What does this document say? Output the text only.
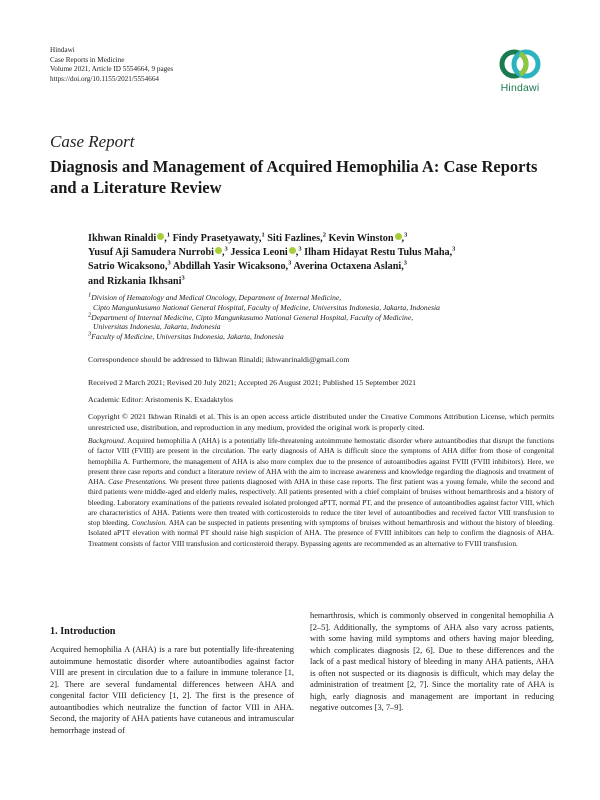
Hindawi
Case Reports in Medicine
Volume 2021, Article ID 5554664, 9 pages
https://doi.org/10.1155/2021/5554664
Hindawi
Case Report
Diagnosis and Management of Acquired Hemophilia A: Case Reports and a Literature Review
Ikhwan Rinaldi ,$^1$ Findy Prasetyawaty,$^1$ Siti Fazlines,$^2$ Kevin Winston ,$^3$
Yusuf Aji Samudera Nurrobi ,$^3$ Jessica Leoni ,$^3$ Ilham Hidayat Restu Tulus Maha,$^3$
Satrio Wicaksono,$^3$ Abdillah Yasir Wicaksono,$^3$ Averina Octaxena Aslani,$^3$
and Rizkania Ikhsani$^3$
$^1$Division of Hematology and Medical Oncology, Department of Internal Medicine,
Cipto Mangunkusumo National General Hospital, Faculty of Medicine, Universitas Indonesia, Jakarta, Indonesia
$^2$Department of Internal Medicine, Cipto Mangunkusumo National General Hospital, Faculty of Medicine,
Universitas Indonesia, Jakarta, Indonesia
$^3$Faculty of Medicine, Universitas Indonesia, Jakarta, Indonesia
Correspondence should be addressed to Ikhwan Rinaldi; ikhwanrinaldi@gmail.com
Received 2 March 2021; Revised 20 July 2021; Accepted 26 August 2021; Published 15 September 2021
Academic Editor: Aristomenis K. Exadaktylos
Copyright © 2021 Ikhwan Rinaldi et al. This is an open access article distributed under the Creative Commons Attribution License, which permits unrestricted use, distribution, and reproduction in any medium, provided the original work is properly cited.
Background. Acquired hemophilia A (AHA) is a potentially life-threatening autoimmune hemostatic disorder where autoantibodies that disrupt the functions of factor VIII (FVIII) are present in the circulation. The early diagnosis of AHA is difficult since the symptoms of AHA differ from those of congenital hemophilia A. Furthermore, the management of AHA is also more complex due to the presence of autoantibodies against FVIII (FVIII inhibitors). Here, we present three case reports and conduct a literature review of AHA with the aim to increase awareness and knowledge regarding the diagnosis and treatment of AHA. Case Presentations. We present three patients diagnosed with AHA in these case reports. The first patient was a young female, while the second and third patients were middle-aged and elderly males, respectively. All patients presented with a chief complaint of bruises without hemarthrosis and a history of bleeding. Laboratory examinations of the patients revealed isolated prolonged aPTT, normal PT, and the presence of autoantibodies against factor VIII, which are characteristics of AHA. Patients were then treated with corticosteroids to reduce the titer level of autoantibodies and received factor VIII transfusion to stop bleeding. Conclusion. AHA can be suspected in patients presenting with symptoms of bruises without hemarthrosis and without the history of bleeding. Isolated aPTT elevation with normal PT should raise high suspicion of AHA. The presence of FVIII inhibitors can help to confirm the diagnosis of AHA. Treatment consists of factor VIII transfusion and corticosteroid therapy. Bypassing agents are recommended as an alternative to FVIII transfusion.
1. Introduction
Acquired hemophilia A (AHA) is a rare but potentially life-threatening autoimmune hemostatic disorder where autoantibodies against factor VIII are present in circulation due to a failure in immune tolerance [1, 2]. There are several fundamental differences between AHA and congenital factor VIII deficiency [1, 2]. The first is the presence of autoantibodies which neutralize the function of factor VIII in AHA. Second, the majority of AHA patients have cutaneous and intramuscular hemorrhage instead of
hemarthrosis, which is commonly observed in congenital hemophilia A [2–5]. Additionally, the symptoms of AHA also vary across patients, with some having mild symptoms and others having major bleeding, which complicates diagnosis [2, 6]. Due to these differences and the lack of a past medical history of bleeding in many AHA patients, AHA is often not suspected or its diagnosis is difficult, which may delay the administration of treatment [2, 7]. Since the mortality rate of AHA is high, early diagnosis and management are important in reducing negative outcomes [3, 7–9].
